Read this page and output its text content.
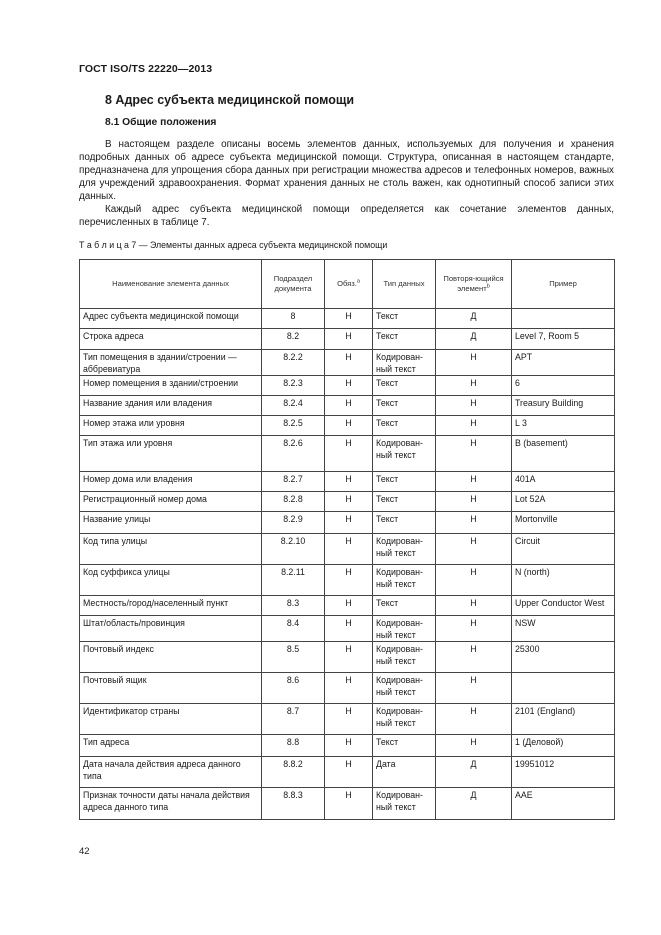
ГОСТ ISO/TS 22220—2013
8 Адрес субъекта медицинской помощи
8.1 Общие положения

В настоящем разделе описаны восемь элементов данных, используемых для получения и хранения подробных данных об адресе субъекта медицинской помощи. Структура, описанная в настоящем стандарте, предназначена для упрощения сбора данных при регистрации множества адресов и телефонных номеров, важных для учреждений здравоохранения. Формат хранения данных не столь важен, как однотипный способ записи этих данных.

Каждый адрес субъекта медицинской помощи определяется как сочетание элементов данных, перечисленных в таблице 7.

Т а б л и ц а 7 — Элементы данных адреса субъекта медицинской помощи
Наименование элемента данных	Подраздел документа	Обяз.$^a$	Тип данных	Повторя-ющийся элемент$^b$	Пример
Адрес субъекта медицинской помощи	8	Н	Текст	Д	
Строка адреса	8.2	Н	Текст	Д	Level 7, Room 5
Тип помещения в здании/строении — аббревиатура	8.2.2	Н	Кодирован-ный текст	Н	APT
Номер помещения в здании/строении	8.2.3	Н	Текст	Н	6
Название здания или владения	8.2.4	Н	Текст	Н	Treasury Building
Номер этажа или уровня	8.2.5	Н	Текст	Н	L 3
Тип этажа или уровня	8.2.6	Н	Кодирован-ный текст	Н	B (basement)
Номер дома или владения	8.2.7	Н	Текст	Н	401A
Регистрационный номер дома	8.2.8	Н	Текст	Н	Lot 52A
Название улицы	8.2.9	Н	Текст	Н	Mortonville
Код типа улицы	8.2.10	Н	Кодирован-ный текст	Н	Circuit
Код суффикса улицы	8.2.11	Н	Кодирован-ный текст	Н	N (north)
Местность/город/населенный пункт	8.3	Н	Текст	Н	Upper Conductor West
Штат/область/провинция	8.4	Н	Кодирован-ный текст	Н	NSW
Почтовый индекс	8.5	Н	Кодирован-ный текст	Н	25300
Почтовый ящик	8.6	Н	Кодирован-ный текст	Н	
Идентификатор страны	8.7	Н	Кодирован-ный текст	Н	2101 (England)
Тип адреса	8.8	Н	Текст	Н	1 (Деловой)
Дата начала действия адреса данного типа	8.8.2	Н	Дата	Д	19951012
Признак точности даты начала действия адреса данного типа	8.8.3	Н	Кодирован-ный текст	Д	AAE
42
